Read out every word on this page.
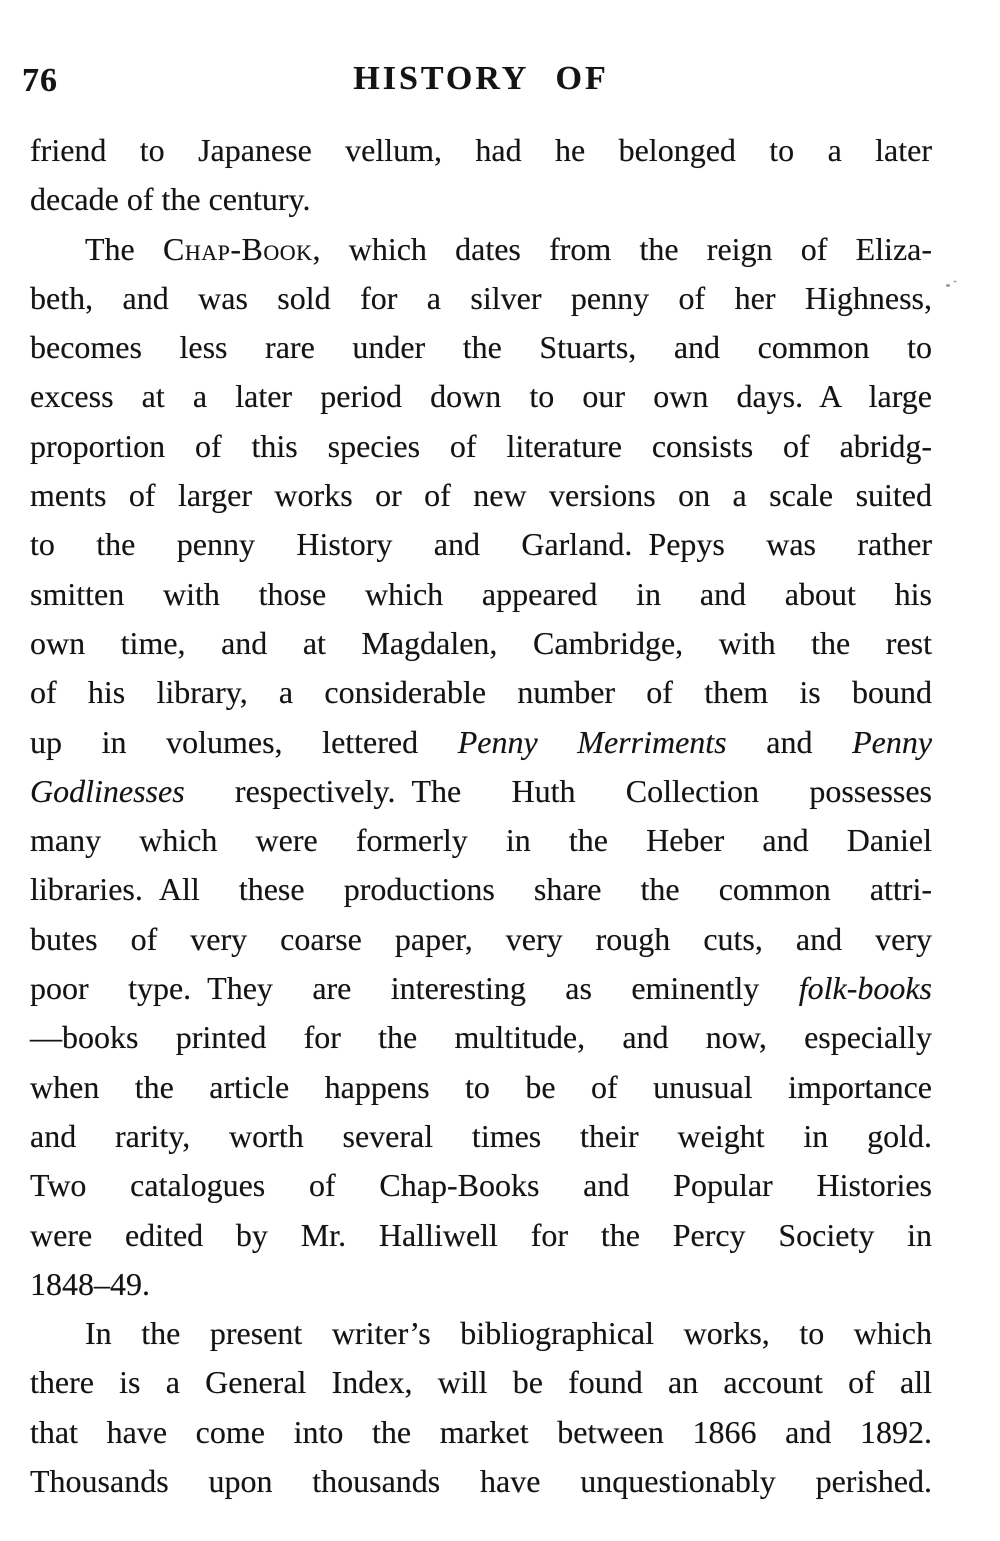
76	HISTORY OF
friend to Japanese vellum, had he belonged to a later
decade of the century.
The Chap-Book, which dates from the reign of Eliza-
beth, and was sold for a silver penny of her Highness,
becomes less rare under the Stuarts, and common to
excess at a later period down to our own days. A large
proportion of this species of literature consists of abridg-
ments of larger works or of new versions on a scale suited
to the penny History and Garland. Pepys was rather
smitten with those which appeared in and about his
own time, and at Magdalen, Cambridge, with the rest
of his library, a considerable number of them is bound
up in volumes, lettered Penny Merriments and Penny
Godlinesses respectively. The Huth Collection possesses
many which were formerly in the Heber and Daniel
libraries. All these productions share the common attri-
butes of very coarse paper, very rough cuts, and very
poor type. They are interesting as eminently folk-books
—books printed for the multitude, and now, especially
when the article happens to be of unusual importance
and rarity, worth several times their weight in gold.
Two catalogues of Chap-Books and Popular Histories
were edited by Mr. Halliwell for the Percy Society in
1848–49.
In the present writer’s bibliographical works, to which
there is a General Index, will be found an account of all
that have come into the market between 1866 and 1892.
Thousands upon thousands have unquestionably perished.
